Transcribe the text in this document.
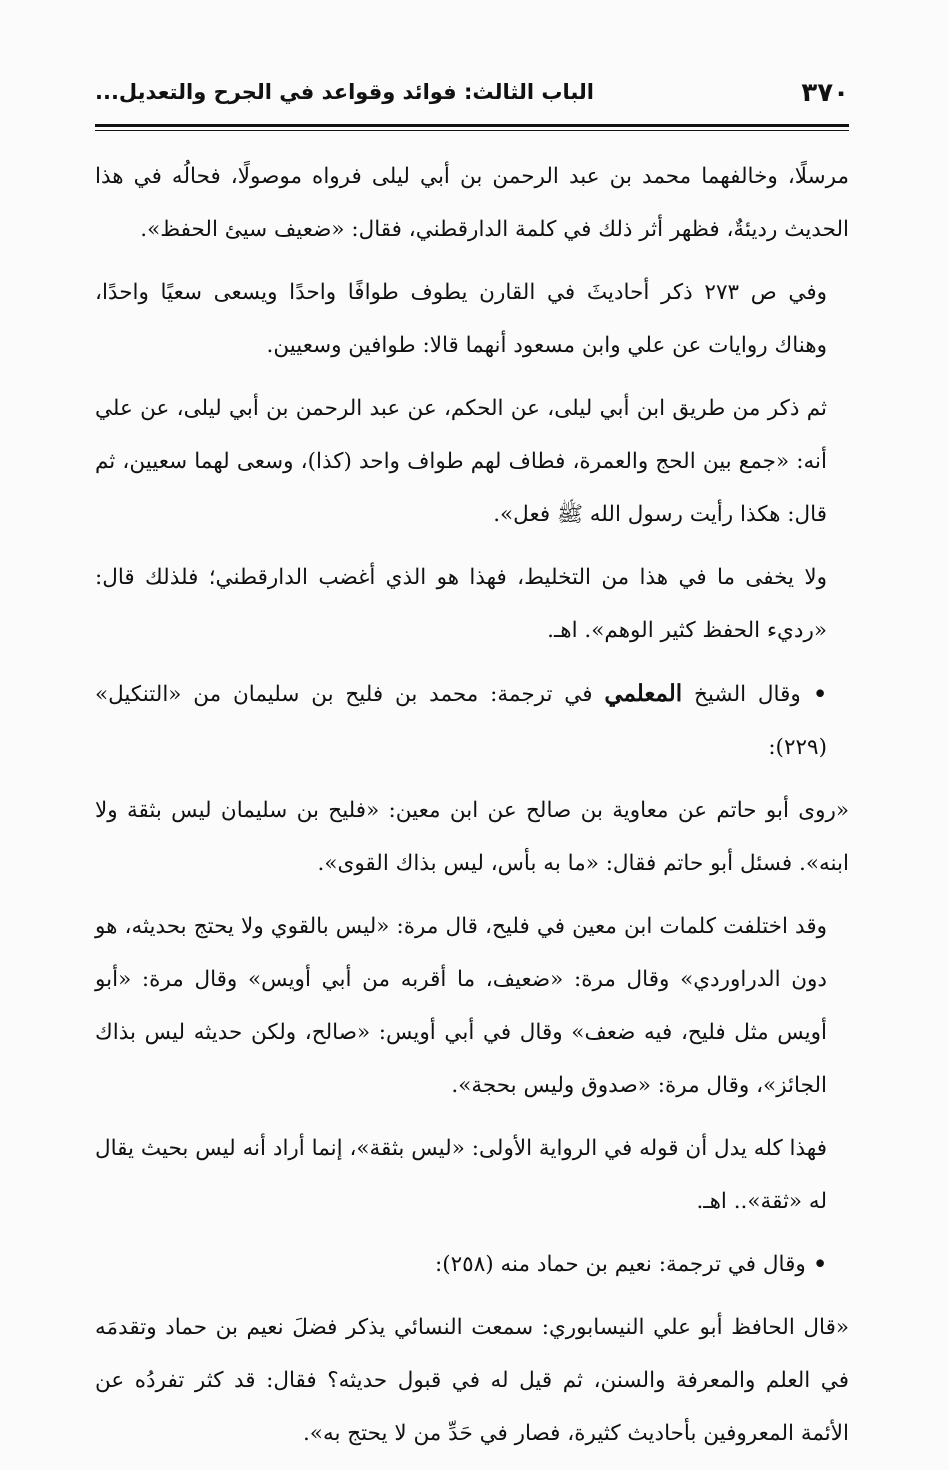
٣٧٠
الباب الثالث: فوائد وقواعد في الجرح والتعديل...

مرسلًا، وخالفهما محمد بن عبد الرحمن بن أبي ليلى فرواه موصولًا، فحالُه في هذا الحديث رديئةٌ، فظهر أثر ذلك في كلمة الدارقطني، فقال: «ضعيف سيئ الحفظ».

وفي ص ٢٧٣ ذكر أحاديثَ في القارن يطوف طوافًا واحدًا ويسعى سعيًا واحدًا، وهناك روايات عن علي وابن مسعود أنهما قالا: طوافين وسعيين.

ثم ذكر من طريق ابن أبي ليلى، عن الحكم، عن عبد الرحمن بن أبي ليلى، عن علي أنه: «جمع بين الحج والعمرة، فطاف لهم طواف واحد (كذا)، وسعى لهما سعيين، ثم قال: هكذا رأيت رسول الله ﷺ فعل».

ولا يخفى ما في هذا من التخليط، فهذا هو الذي أغضب الدارقطني؛ فلذلك قال: «رديء الحفظ كثير الوهم». اهـ.

• وقال الشيخ المعلمي في ترجمة: محمد بن فليح بن سليمان من «التنكيل» (٢٢٩):

«روى أبو حاتم عن معاوية بن صالح عن ابن معين: «فليح بن سليمان ليس بثقة ولا ابنه». فسئل أبو حاتم فقال: «ما به بأس، ليس بذاك القوى».

وقد اختلفت كلمات ابن معين في فليح، قال مرة: «ليس بالقوي ولا يحتج بحديثه، هو دون الدراوردي» وقال مرة: «ضعيف، ما أقربه من أبي أويس» وقال مرة: «أبو أويس مثل فليح، فيه ضعف» وقال في أبي أويس: «صالح، ولكن حديثه ليس بذاك الجائز»، وقال مرة: «صدوق وليس بحجة».

فهذا كله يدل أن قوله في الرواية الأولى: «ليس بثقة»، إنما أراد أنه ليس بحيث يقال له «ثقة».. اهـ.

• وقال في ترجمة: نعيم بن حماد منه (٢٥٨):

«قال الحافظ أبو علي النيسابوري: سمعت النسائي يذكر فضلَ نعيم بن حماد وتقدمَه في العلم والمعرفة والسنن، ثم قيل له في قبول حديثه؟ فقال: قد كثر تفردُه عن الأئمة المعروفين بأحاديث كثيرة، فصار في حَدِّ من لا يحتج به».
